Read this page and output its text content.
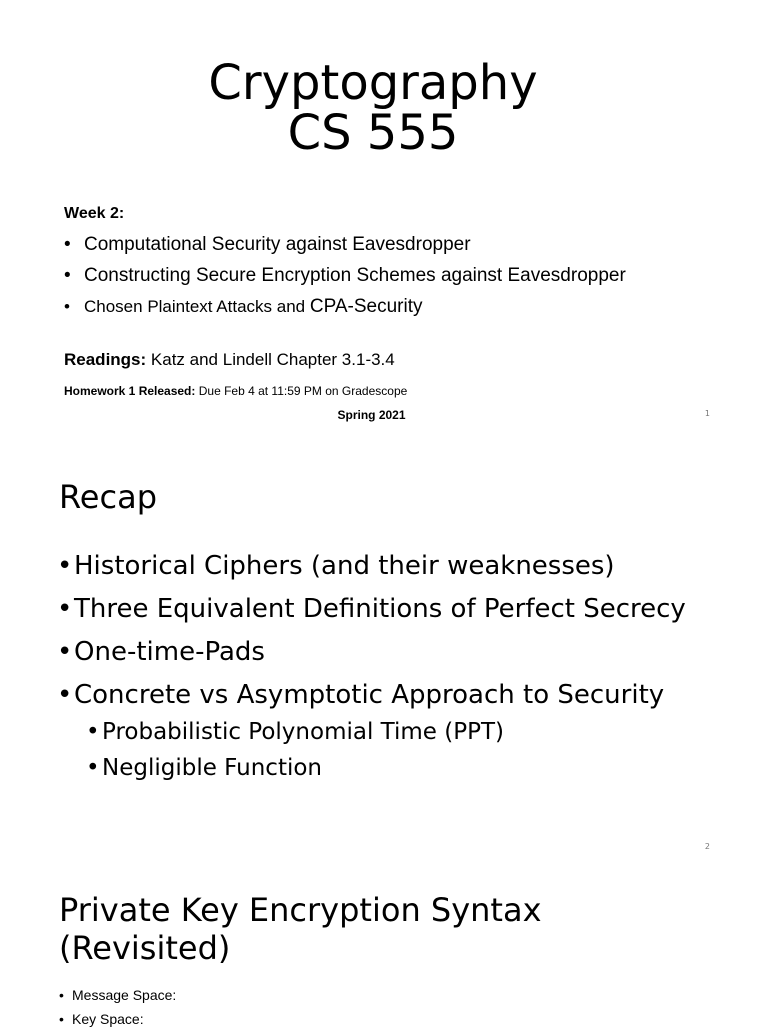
Cryptography
CS 555
Week 2:
• Computational Security against Eavesdropper
• Constructing Secure Encryption Schemes against Eavesdropper
• Chosen Plaintext Attacks and CPA-Security
Readings: Katz and Lindell Chapter 3.1-3.4
Homework 1 Released: Due Feb 4 at 11:59 PM on Gradescope
Spring 2021	1
Recap
• Historical Ciphers (and their weaknesses)
• Three Equivalent Definitions of Perfect Secrecy
• One-time-Pads
• Concrete vs Asymptotic Approach to Security
• Probabilistic Polynomial Time (PPT)
• Negligible Function
2
Private Key Encryption Syntax
(Revisited)
• Message Space:
• Key Space:
